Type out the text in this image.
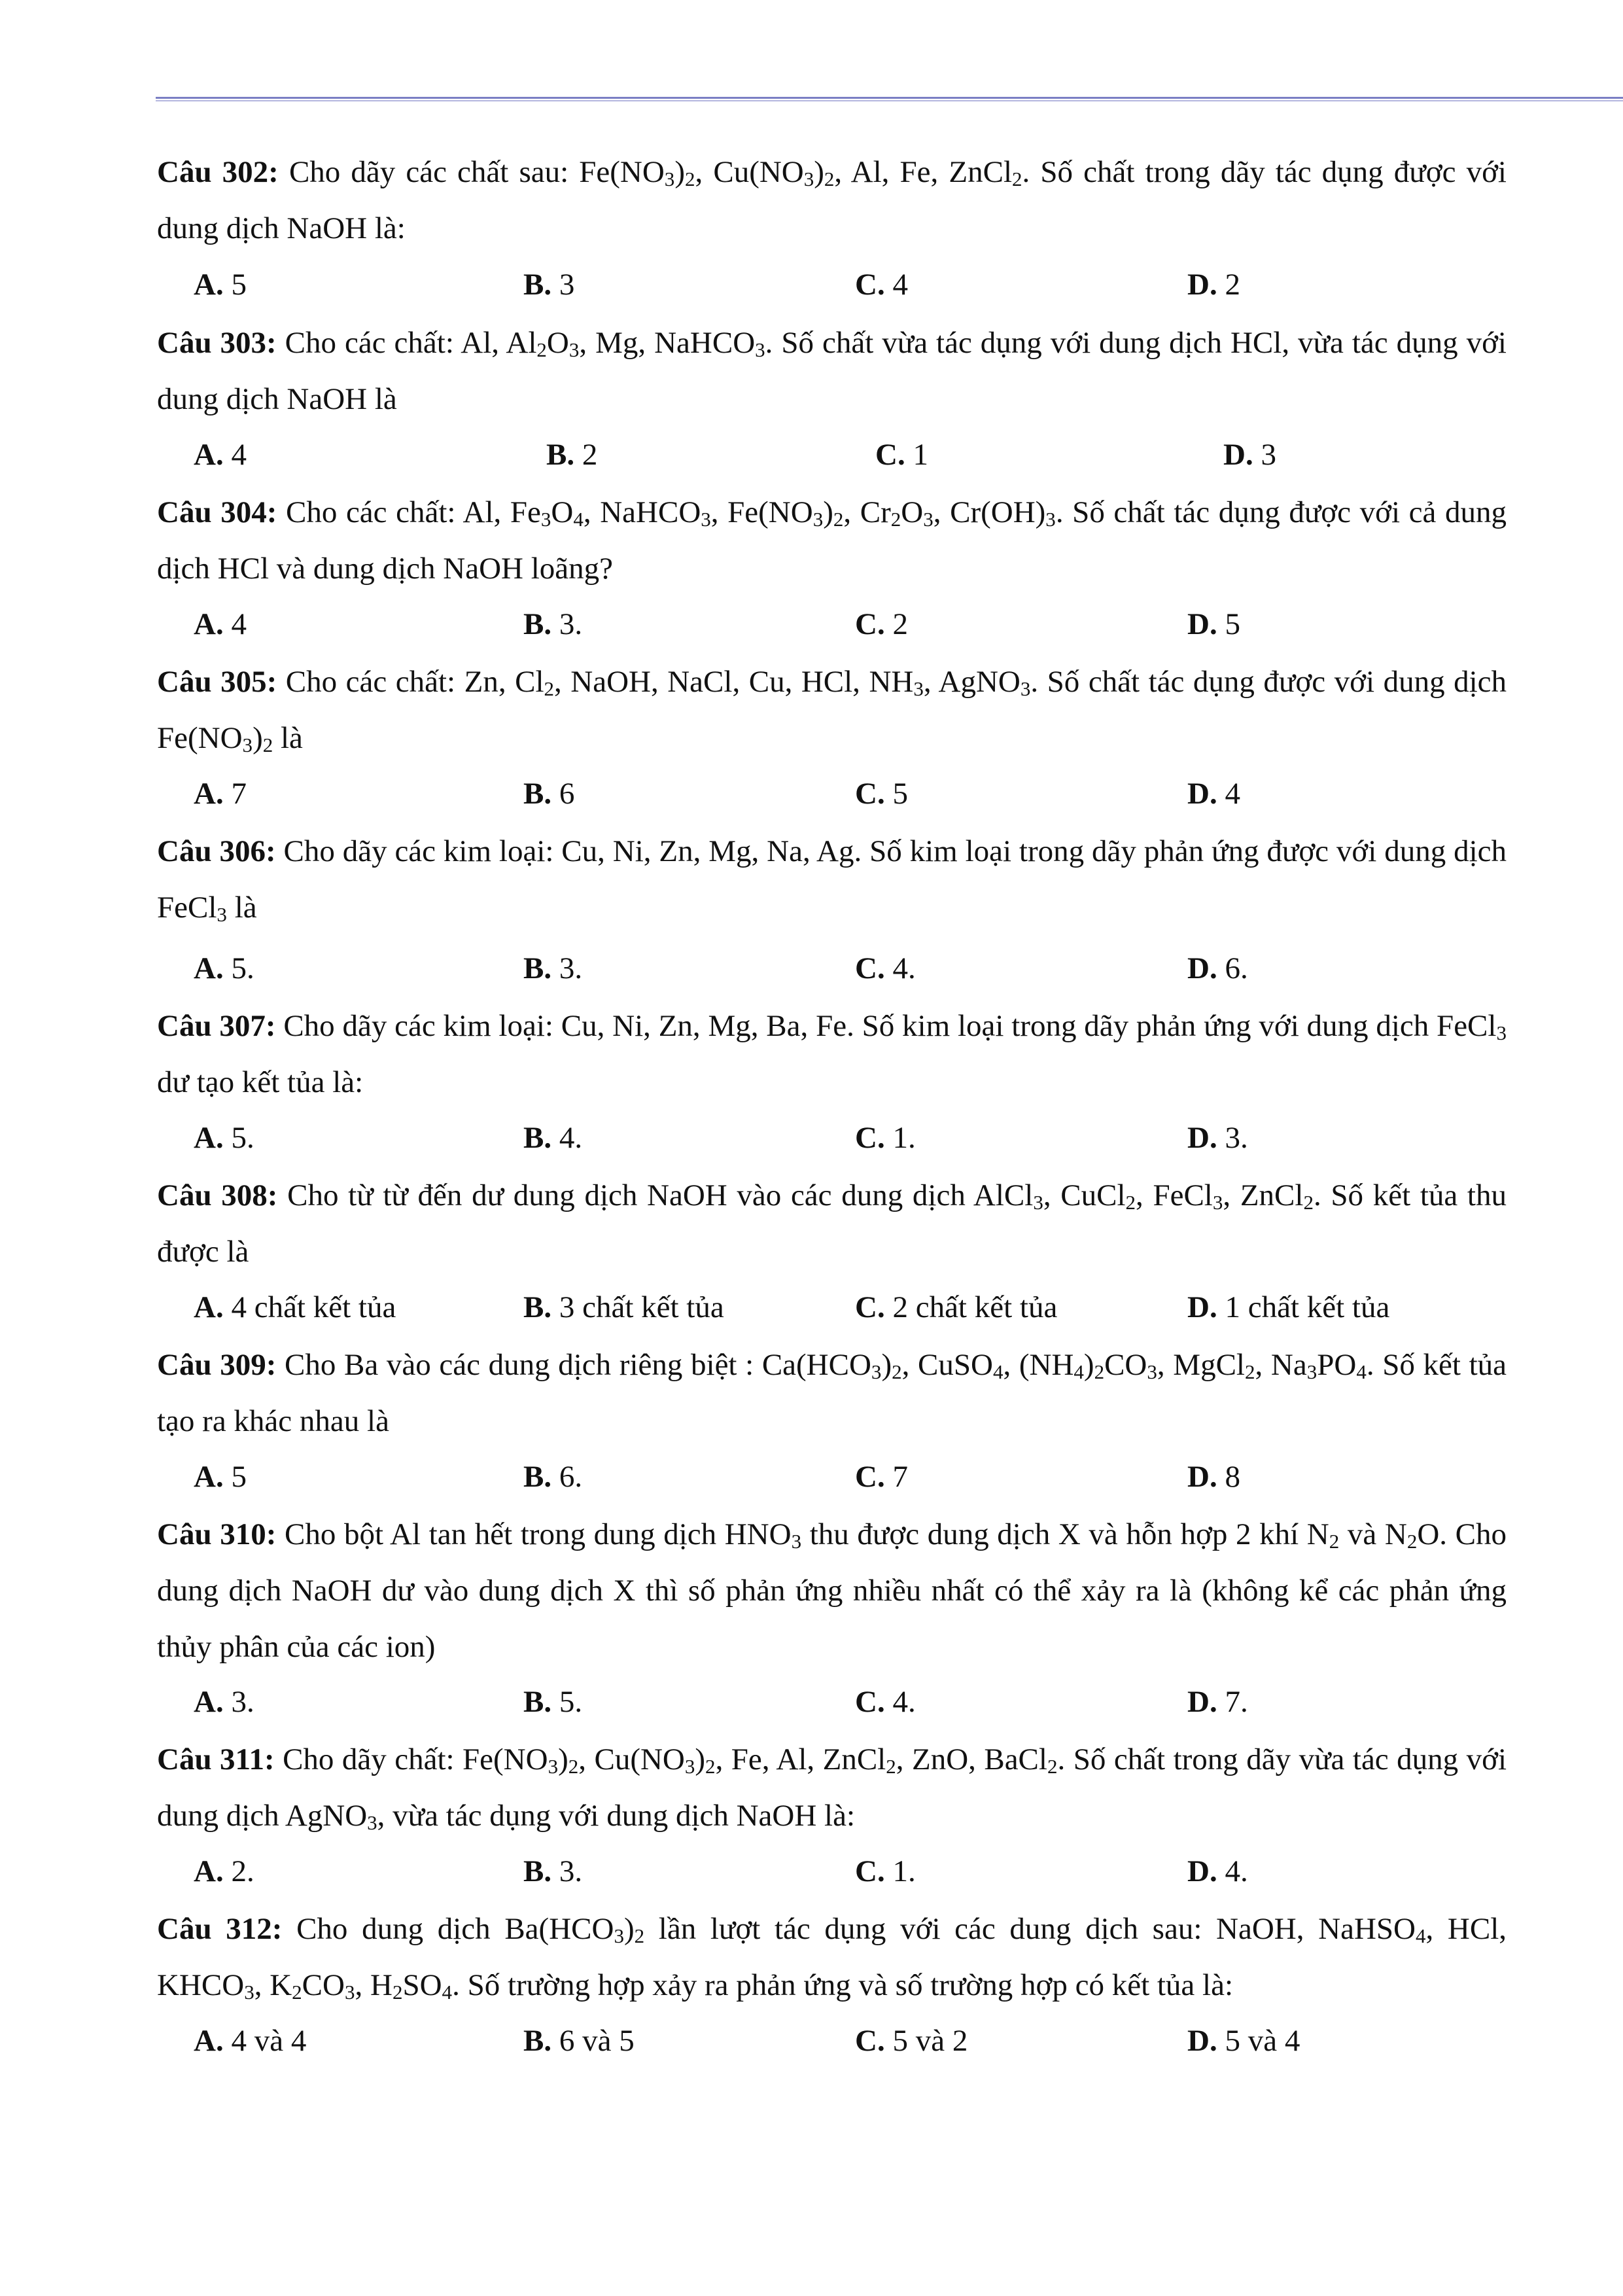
Câu 302: Cho dãy các chất sau: $Fe(NO_3)_2$, $Cu(NO_3)_2$, Al, Fe, ZnCl$_2$. Số chất trong dãy tác dụng được với dung dịch NaOH là:
A. 5	B. 3	C. 4	D. 2
Câu 303: Cho các chất: Al, $Al_2O_3$, Mg, NaHCO$_3$. Số chất vừa tác dụng với dung dịch HCl, vừa tác dụng với dung dịch NaOH là
A. 4	B. 2	C. 1	D. 3
Câu 304: Cho các chất: Al, $Fe_3O_4$, NaHCO$_3$, $Fe(NO_3)_2$, $Cr_2O_3$, $Cr(OH)_3$. Số chất tác dụng được với cả dung dịch HCl và dung dịch NaOH loãng?
A. 4	B. 3.	C. 2	D. 5
Câu 305: Cho các chất: Zn, $Cl_2$, NaOH, NaCl, Cu, HCl, $NH_3$, AgNO$_3$. Số chất tác dụng được với dung dịch $Fe(NO_3)_2$ là
A. 7	B. 6	C. 5	D. 4
Câu 306: Cho dãy các kim loại: Cu, Ni, Zn, Mg, Na, Ag. Số kim loại trong dãy phản ứng được với dung dịch FeCl$_3$ là
A. 5.	B. 3.	C. 4.	D. 6.
Câu 307: Cho dãy các kim loại: Cu, Ni, Zn, Mg, Ba, Fe. Số kim loại trong dãy phản ứng với dung dịch FeCl$_3$ dư tạo kết tủa là:
A. 5.	B. 4.	C. 1.	D. 3.
Câu 308: Cho từ từ đến dư dung dịch NaOH vào các dung dịch AlCl$_3$, CuCl$_2$, FeCl$_3$, ZnCl$_2$. Số kết tủa thu được là
A. 4 chất kết tủa	B. 3 chất kết tủa	C. 2 chất kết tủa	D. 1 chất kết tủa
Câu 309: Cho Ba vào các dung dịch riêng biệt : $Ca(HCO_3)_2$, CuSO$_4$, $(NH_4)_2CO_3$, MgCl$_2$, $Na_3PO_4$. Số kết tủa tạo ra khác nhau là
A. 5	B. 6.	C. 7	D. 8
Câu 310: Cho bột Al tan hết trong dung dịch $HNO_3$ thu được dung dịch X và hỗn hợp 2 khí $N_2$ và $N_2O$. Cho dung dịch NaOH dư vào dung dịch X thì số phản ứng nhiều nhất có thể xảy ra là (không kể các phản ứng thủy phân của các ion)
A. 3.	B. 5.	C. 4.	D. 7.
Câu 311: Cho dãy chất: $Fe(NO_3)_2$, $Cu(NO_3)_2$, Fe, Al, ZnCl$_2$, ZnO, BaCl$_2$. Số chất trong dãy vừa tác dụng với dung dịch AgNO$_3$, vừa tác dụng với dung dịch NaOH là:
A. 2.	B. 3.	C. 1.	D. 4.
Câu 312: Cho dung dịch $Ba(HCO_3)_2$ lần lượt tác dụng với các dung dịch sau: NaOH, NaHSO$_4$, HCl, $KHCO_3$, $K_2CO_3$, $H_2SO_4$. Số trường hợp xảy ra phản ứng và số trường hợp có kết tủa là:
A. 4 và 4	B. 6 và 5	C. 5 và 2	D. 5 và 4
